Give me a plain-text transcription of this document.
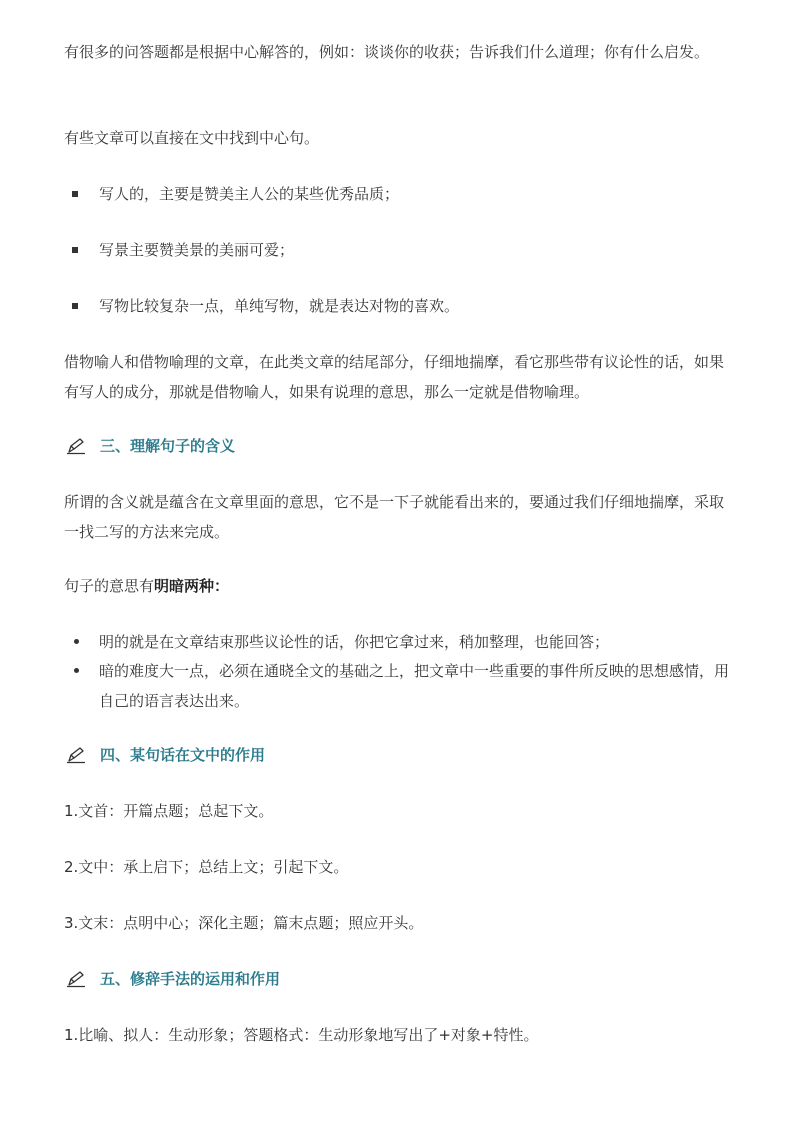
有很多的问答题都是根据中心解答的，例如：谈谈你的收获；告诉我们什么道理；你有什么启发。

有些文章可以直接在文中找到中心句。

写人的，主要是赞美主人公的某些优秀品质；
写景主要赞美景的美丽可爱；
写物比较复杂一点，单纯写物，就是表达对物的喜欢。

借物喻人和借物喻理的文章，在此类文章的结尾部分，仔细地揣摩，看它那些带有议论性的话，如果有写人的成分，那就是借物喻人，如果有说理的意思，那么一定就是借物喻理。

三、理解句子的含义

所谓的含义就是蕴含在文章里面的意思，它不是一下子就能看出来的，要通过我们仔细地揣摩，采取一找二写的方法来完成。

句子的意思有明暗两种：

明的就是在文章结束那些议论性的话，你把它拿过来，稍加整理，也能回答；
暗的难度大一点，必须在通晓全文的基础之上，把文章中一些重要的事件所反映的思想感情，用自己的语言表达出来。
四、某句话在文中的作用

1.文首：开篇点题；总起下文。

2.文中：承上启下；总结上文；引起下文。

3.文末：点明中心；深化主题；篇末点题；照应开头。

五、修辞手法的运用和作用

1.比喻、拟人：生动形象；答题格式：生动形象地写出了+对象+特性。
